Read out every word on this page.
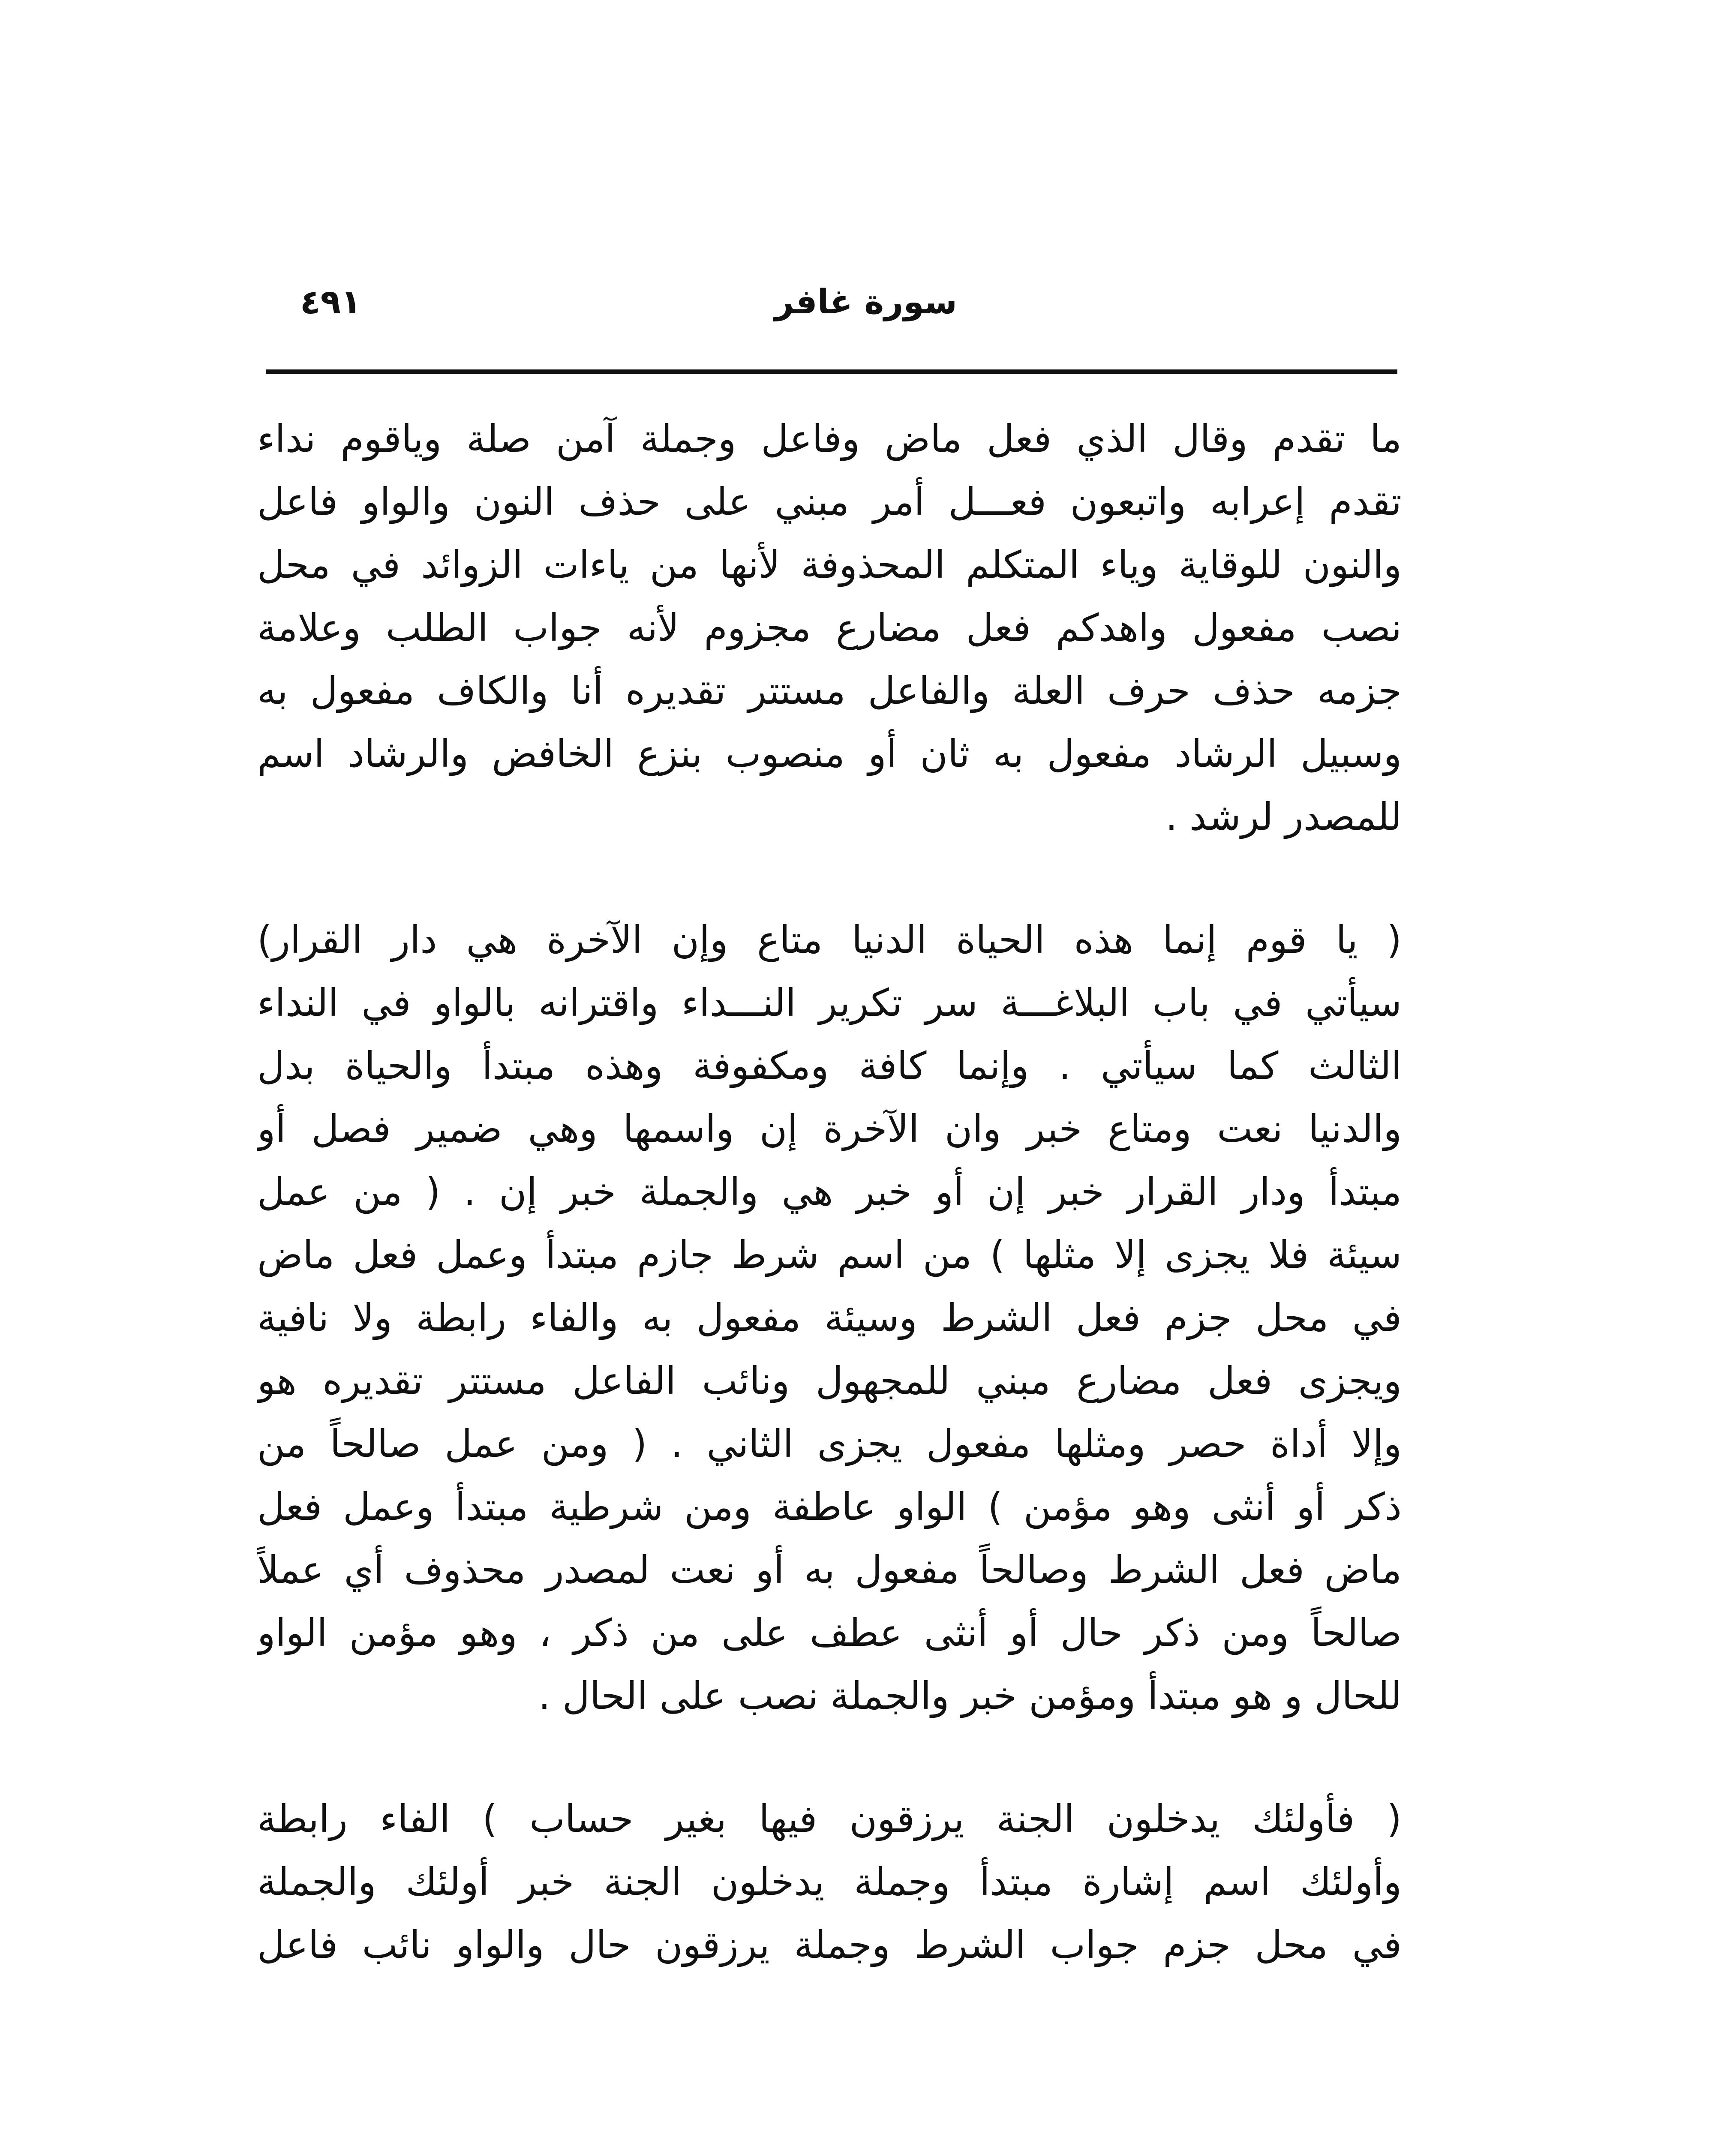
٤٩١	سورة غافر
ما تقدم وقال الذي فعل ماض وفاعل وجملة آمن صلة وياقوم نداء
تقدم إعرابه واتبعون فعـــل أمر مبني على حذف النون والواو فاعل
والنون للوقاية وياء المتكلم المحذوفة لأنها من ياءات الزوائد في محل
نصب مفعول واهدكم فعل مضارع مجزوم لأنه جواب الطلب وعلامة
جزمه حذف حرف العلة والفاعل مستتر تقديره أنا والكاف مفعول به
وسبيل الرشاد مفعول به ثان أو منصوب بنزع الخافض والرشاد اسم
للمصدر لرشد .
( يا قوم إنما هذه الحياة الدنيا متاع وإن الآخرة هي دار القرار)
سيأتي في باب البلاغـــة سر تكرير النـــداء واقترانه بالواو في النداء
الثالث كما سيأتي . وإنما كافة ومكفوفة وهذه مبتدأ والحياة بدل
والدنيا نعت ومتاع خبر وان الآخرة إن واسمها وهي ضمير فصل أو
مبتدأ ودار القرار خبر إن أو خبر هي والجملة خبر إن . ( من عمل
سيئة فلا يجزى إلا مثلها ) من اسم شرط جازم مبتدأ وعمل فعل ماض
في محل جزم فعل الشرط وسيئة مفعول به والفاء رابطة ولا نافية
ويجزى فعل مضارع مبني للمجهول ونائب الفاعل مستتر تقديره هو
وإلا أداة حصر ومثلها مفعول يجزى الثاني . ( ومن عمل صالحاً من
ذكر أو أنثى وهو مؤمن ) الواو عاطفة ومن شرطية مبتدأ وعمل فعل
ماض فعل الشرط وصالحاً مفعول به أو نعت لمصدر محذوف أي عملاً
صالحاً ومن ذكر حال أو أنثى عطف على من ذكر ، وهو مؤمن الواو
للحال و هو مبتدأ ومؤمن خبر والجملة نصب على الحال .
( فأولئك يدخلون الجنة يرزقون فيها بغير حساب ) الفاء رابطة
وأولئك اسم إشارة مبتدأ وجملة يدخلون الجنة خبر أولئك والجملة
في محل جزم جواب الشرط وجملة يرزقون حال والواو نائب فاعل
